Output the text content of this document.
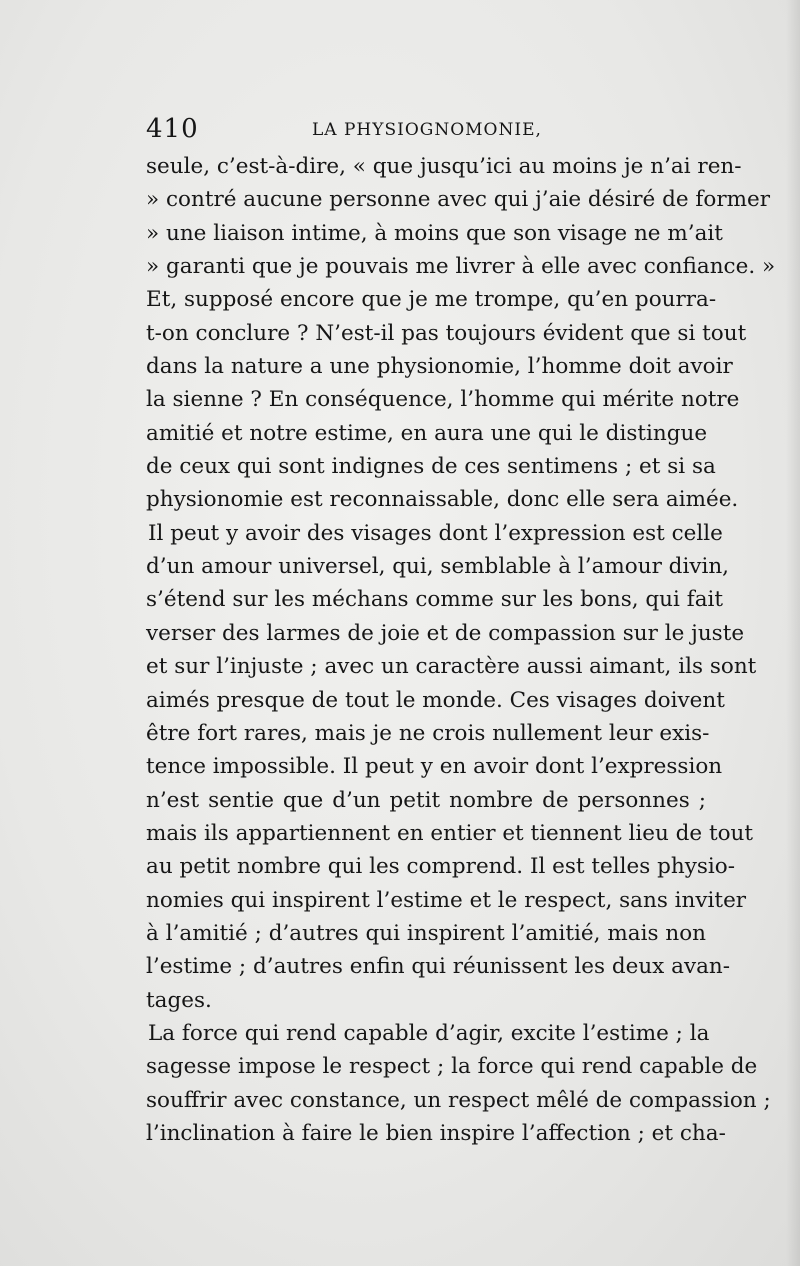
410	LA PHYSIOGNOMONIE,
seule, c’est-à-dire, « que jusqu’ici au moins je n’ai ren-
» contré aucune personne avec qui j’aie désiré de former
» une liaison intime, à moins que son visage ne m’ait
» garanti que je pouvais me livrer à elle avec confiance. »
Et, supposé encore que je me trompe, qu’en pourra-
t-on conclure ? N’est-il pas toujours évident que si tout
dans la nature a une physionomie, l’homme doit avoir
la sienne ? En conséquence, l’homme qui mérite notre
amitié et notre estime, en aura une qui le distingue
de ceux qui sont indignes de ces sentimens ; et si sa
physionomie est reconnaissable, donc elle sera aimée.
Il peut y avoir des visages dont l’expression est celle
d’un amour universel, qui, semblable à l’amour divin,
s’étend sur les méchans comme sur les bons, qui fait
verser des larmes de joie et de compassion sur le juste
et sur l’injuste ; avec un caractère aussi aimant, ils sont
aimés presque de tout le monde. Ces visages doivent
être fort rares, mais je ne crois nullement leur exis-
tence impossible. Il peut y en avoir dont l’expression
n’est sentie que d’un petit nombre de personnes ;
mais ils appartiennent en entier et tiennent lieu de tout
au petit nombre qui les comprend. Il est telles physio-
nomies qui inspirent l’estime et le respect, sans inviter
à l’amitié ; d’autres qui inspirent l’amitié, mais non
l’estime ; d’autres enfin qui réunissent les deux avan-
tages.
La force qui rend capable d’agir, excite l’estime ; la
sagesse impose le respect ; la force qui rend capable de
souffrir avec constance, un respect mêlé de compassion ;
l’inclination à faire le bien inspire l’affection ; et cha-
